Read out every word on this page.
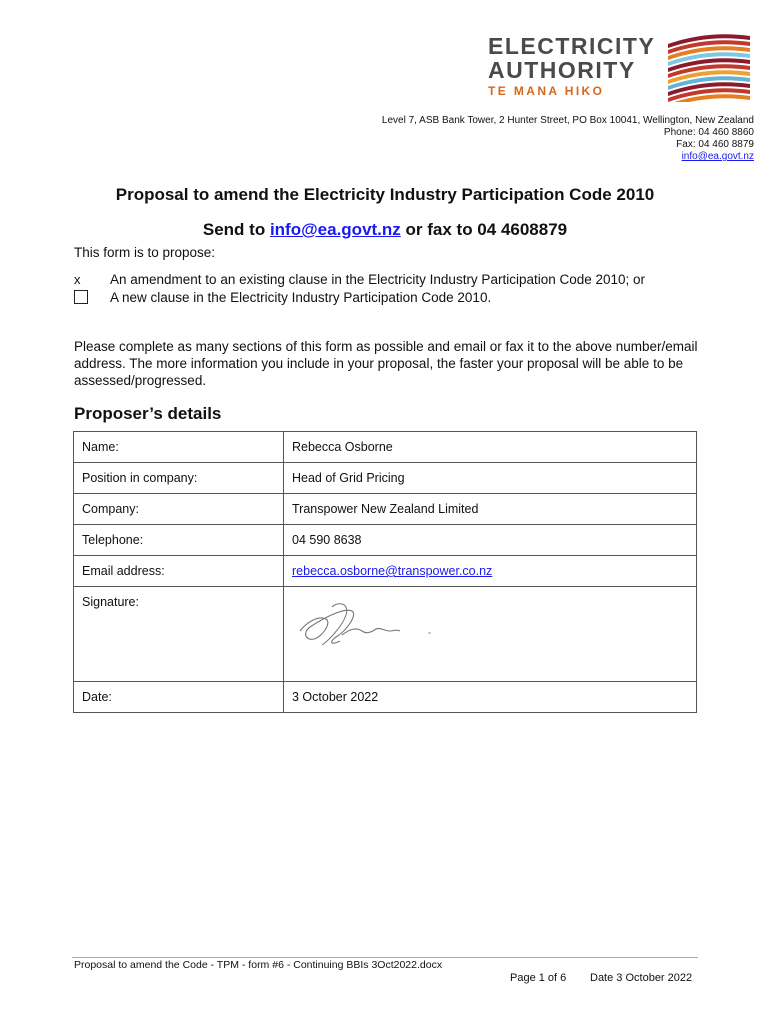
ELECTRICITY
AUTHORITY
TE MANA HIKO
Level 7, ASB Bank Tower, 2 Hunter Street, PO Box 10041, Wellington, New Zealand
Phone: 04 460 8860
Fax: 04 460 8879
info@ea.govt.nz
Proposal to amend the Electricity Industry Participation Code 2010
Send to info@ea.govt.nz or fax to 04 4608879
This form is to propose:
x	An amendment to an existing clause in the Electricity Industry Participation Code 2010; or
A new clause in the Electricity Industry Participation Code 2010.
Please complete as many sections of this form as possible and email or fax it to the above number/email address. The more information you include in your proposal, the faster your proposal will be able to be assessed/progressed.
Proposer’s details
Name:	Rebecca Osborne
Position in company:	Head of Grid Pricing
Company:	Transpower New Zealand Limited
Telephone:	04 590 8638
Email address:	rebecca.osborne@transpower.co.nz
Signature:	

Date:	3 October 2022
Proposal to amend the Code - TPM - form #6 - Continuing BBIs 3Oct2022.docx
Page 1 of 6 Date 3 October 2022
